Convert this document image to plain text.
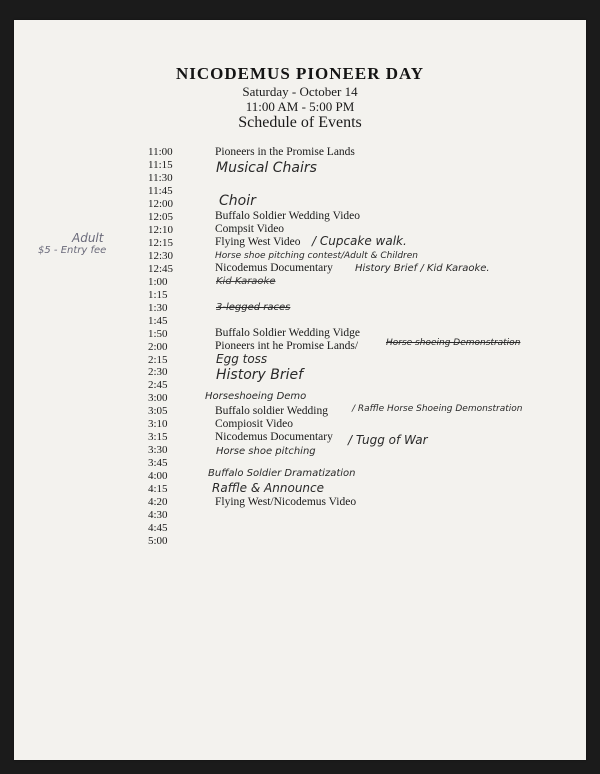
NICODEMUS PIONEER DAY
Saturday - October 14
11:00 AM - 5:00 PM
Schedule of Events
11:00
11:15
11:30
11:45
12:00
12:05
12:10
12:15
12:30
12:45
1:00
1:15
1:30
1:45
1:50
2:00
2:15
2:30
2:45
3:00
3:05
3:10
3:15
3:30
3:45
4:00
4:15
4:20
4:30
4:45
5:00
Pioneers in the Promise Lands
Buffalo Soldier Wedding Video
Compsit Video
Flying West Video
Nicodemus Documentary
Buffalo Soldier Wedding Vidge
Pioneers int he Promise Lands/
Buffalo soldier Wedding
Compiosit Video
Nicodemus Documentary
Flying West/Nicodemus Video
Musical Chairs
Choir
/ Cupcake walk.
Horse shoe pitching contest/Adult & Children
History Brief / Kid Karaoke.
Kid Karaoke
3-legged races
Egg toss
History Brief
Horseshoeing Demo
Horse shoeing Demonstration
/ Raffle Horse Shoeing Demonstration
/ Tugg of War
Horse shoe pitching
Buffalo Soldier Dramatization
Raffle & Announce
Adult
$5 - Entry fee
